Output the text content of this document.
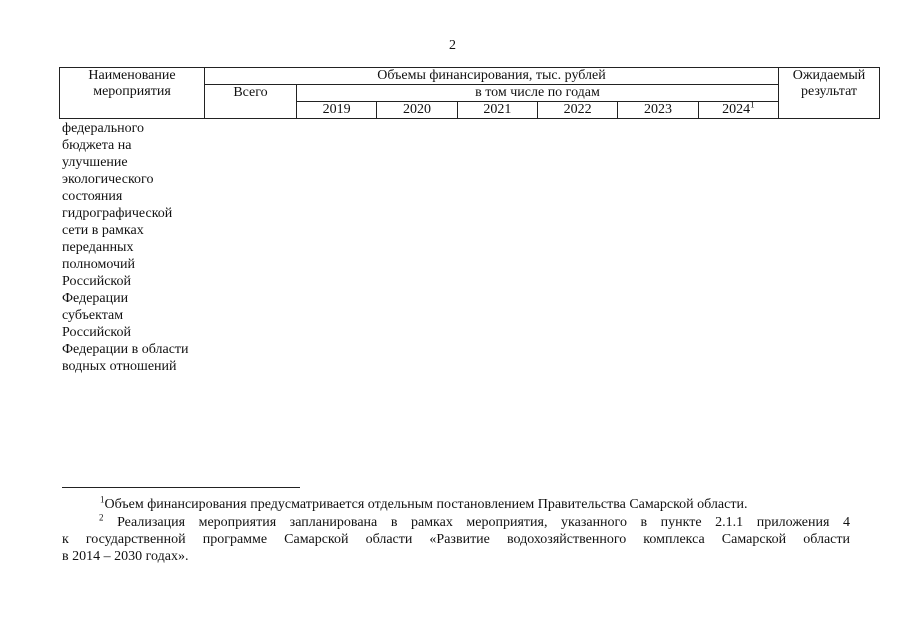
2
Наименование мероприятия	Объемы финансирования, тыс. рублей							Ожидаемый результат
	Всего	в том числе по годам						
		2019	2020	2021	2022	2023	2024$^1$
федерального
бюджета на
улучшение
экологического
состояния
гидрографической
сети в рамках
переданных
полномочий
Российской
Федерации
субъектам
Российской
Федерации в области
водных отношений
$^1$Объем финансирования предусматривается отдельным постановлением Правительства Самарской области.
$^2$ Реализация мероприятия запланирована в рамках мероприятия, указанного в пункте 2.1.1 приложения 4
к государственной программе Самарской области «Развитие водохозяйственного комплекса Самарской области
в 2014 – 2030 годах».
